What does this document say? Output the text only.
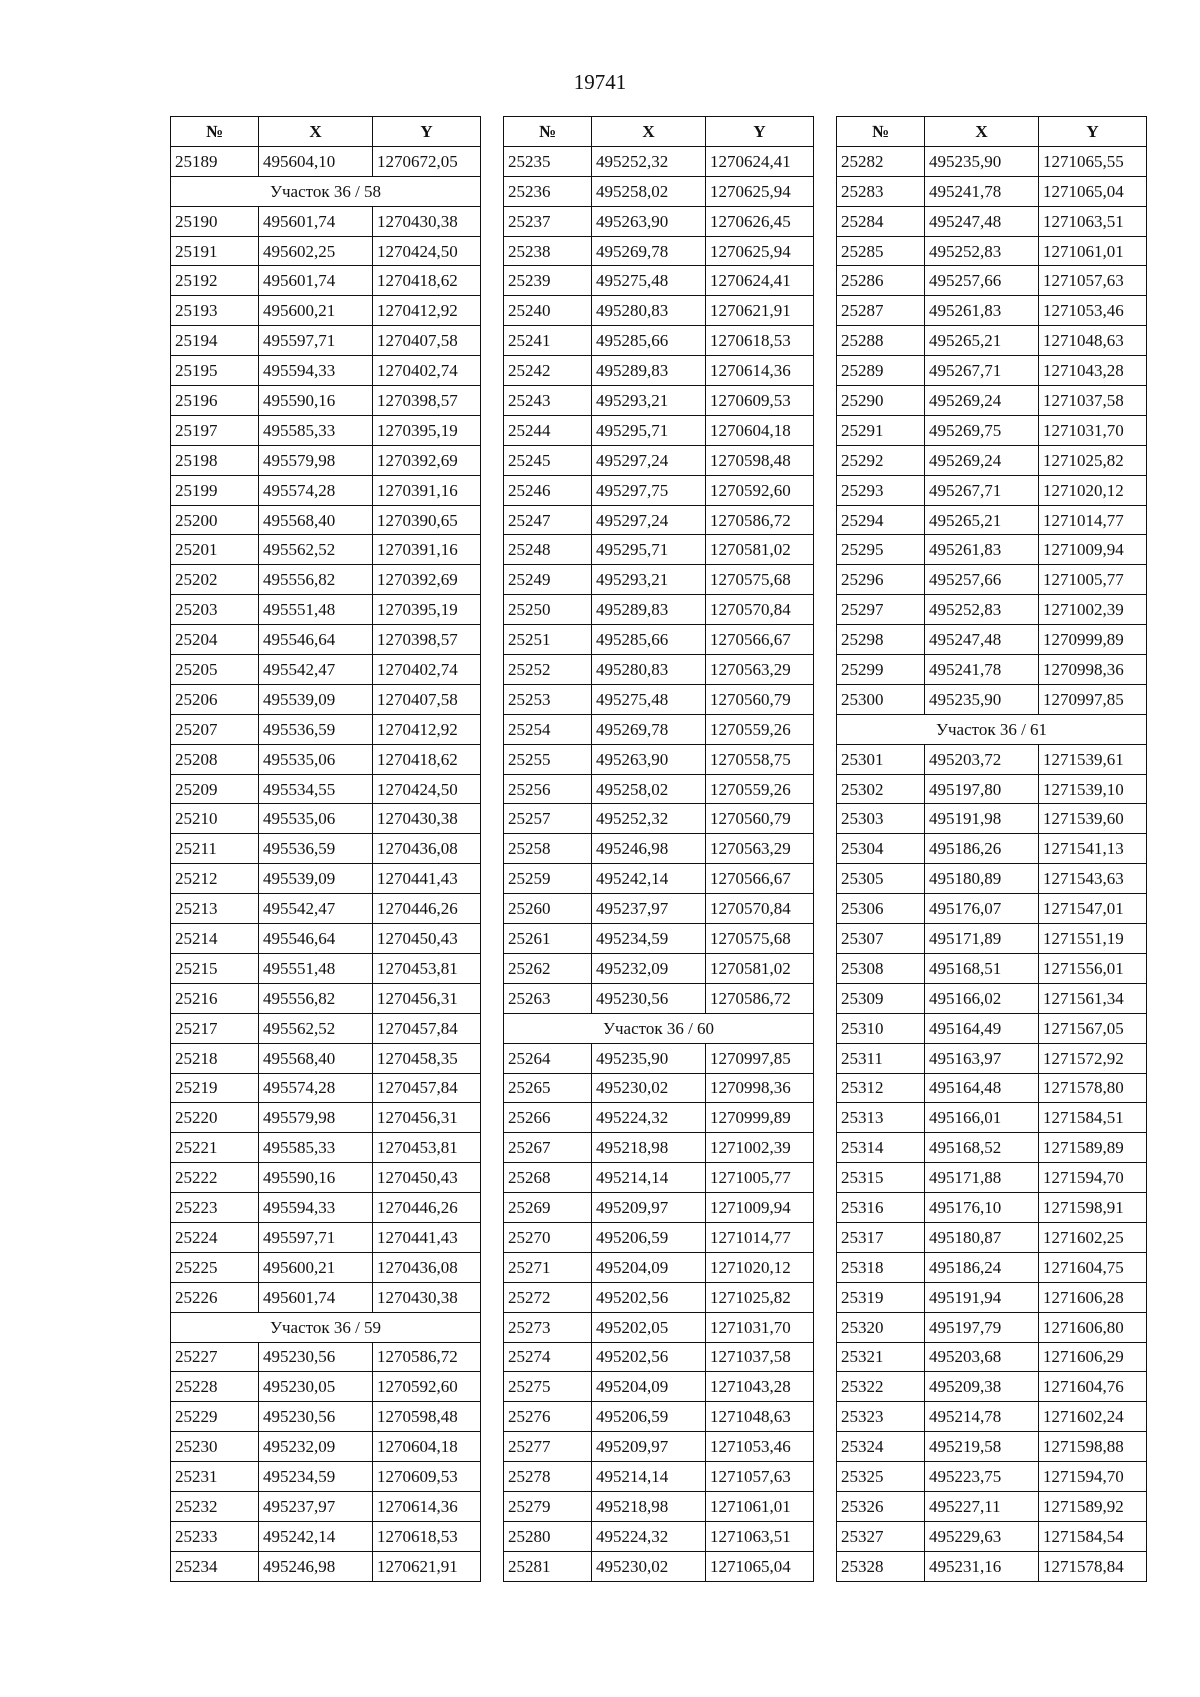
19741
№	X	Y
25189	495604,10	1270672,05
Участок 36 / 58		
25190	495601,74	1270430,38
25191	495602,25	1270424,50
25192	495601,74	1270418,62
25193	495600,21	1270412,92
25194	495597,71	1270407,58
25195	495594,33	1270402,74
25196	495590,16	1270398,57
25197	495585,33	1270395,19
25198	495579,98	1270392,69
25199	495574,28	1270391,16
25200	495568,40	1270390,65
25201	495562,52	1270391,16
25202	495556,82	1270392,69
25203	495551,48	1270395,19
25204	495546,64	1270398,57
25205	495542,47	1270402,74
25206	495539,09	1270407,58
25207	495536,59	1270412,92
25208	495535,06	1270418,62
25209	495534,55	1270424,50
25210	495535,06	1270430,38
25211	495536,59	1270436,08
25212	495539,09	1270441,43
25213	495542,47	1270446,26
25214	495546,64	1270450,43
25215	495551,48	1270453,81
25216	495556,82	1270456,31
25217	495562,52	1270457,84
25218	495568,40	1270458,35
25219	495574,28	1270457,84
25220	495579,98	1270456,31
25221	495585,33	1270453,81
25222	495590,16	1270450,43
25223	495594,33	1270446,26
25224	495597,71	1270441,43
25225	495600,21	1270436,08
25226	495601,74	1270430,38
Участок 36 / 59		
25227	495230,56	1270586,72
25228	495230,05	1270592,60
25229	495230,56	1270598,48
25230	495232,09	1270604,18
25231	495234,59	1270609,53
25232	495237,97	1270614,36
25233	495242,14	1270618,53
25234	495246,98	1270621,91
№	X	Y
25235	495252,32	1270624,41
25236	495258,02	1270625,94
25237	495263,90	1270626,45
25238	495269,78	1270625,94
25239	495275,48	1270624,41
25240	495280,83	1270621,91
25241	495285,66	1270618,53
25242	495289,83	1270614,36
25243	495293,21	1270609,53
25244	495295,71	1270604,18
25245	495297,24	1270598,48
25246	495297,75	1270592,60
25247	495297,24	1270586,72
25248	495295,71	1270581,02
25249	495293,21	1270575,68
25250	495289,83	1270570,84
25251	495285,66	1270566,67
25252	495280,83	1270563,29
25253	495275,48	1270560,79
25254	495269,78	1270559,26
25255	495263,90	1270558,75
25256	495258,02	1270559,26
25257	495252,32	1270560,79
25258	495246,98	1270563,29
25259	495242,14	1270566,67
25260	495237,97	1270570,84
25261	495234,59	1270575,68
25262	495232,09	1270581,02
25263	495230,56	1270586,72
Участок 36 / 60		
25264	495235,90	1270997,85
25265	495230,02	1270998,36
25266	495224,32	1270999,89
25267	495218,98	1271002,39
25268	495214,14	1271005,77
25269	495209,97	1271009,94
25270	495206,59	1271014,77
25271	495204,09	1271020,12
25272	495202,56	1271025,82
25273	495202,05	1271031,70
25274	495202,56	1271037,58
25275	495204,09	1271043,28
25276	495206,59	1271048,63
25277	495209,97	1271053,46
25278	495214,14	1271057,63
25279	495218,98	1271061,01
25280	495224,32	1271063,51
25281	495230,02	1271065,04
№	X	Y
25282	495235,90	1271065,55
25283	495241,78	1271065,04
25284	495247,48	1271063,51
25285	495252,83	1271061,01
25286	495257,66	1271057,63
25287	495261,83	1271053,46
25288	495265,21	1271048,63
25289	495267,71	1271043,28
25290	495269,24	1271037,58
25291	495269,75	1271031,70
25292	495269,24	1271025,82
25293	495267,71	1271020,12
25294	495265,21	1271014,77
25295	495261,83	1271009,94
25296	495257,66	1271005,77
25297	495252,83	1271002,39
25298	495247,48	1270999,89
25299	495241,78	1270998,36
25300	495235,90	1270997,85
Участок 36 / 61		
25301	495203,72	1271539,61
25302	495197,80	1271539,10
25303	495191,98	1271539,60
25304	495186,26	1271541,13
25305	495180,89	1271543,63
25306	495176,07	1271547,01
25307	495171,89	1271551,19
25308	495168,51	1271556,01
25309	495166,02	1271561,34
25310	495164,49	1271567,05
25311	495163,97	1271572,92
25312	495164,48	1271578,80
25313	495166,01	1271584,51
25314	495168,52	1271589,89
25315	495171,88	1271594,70
25316	495176,10	1271598,91
25317	495180,87	1271602,25
25318	495186,24	1271604,75
25319	495191,94	1271606,28
25320	495197,79	1271606,80
25321	495203,68	1271606,29
25322	495209,38	1271604,76
25323	495214,78	1271602,24
25324	495219,58	1271598,88
25325	495223,75	1271594,70
25326	495227,11	1271589,92
25327	495229,63	1271584,54
25328	495231,16	1271578,84
